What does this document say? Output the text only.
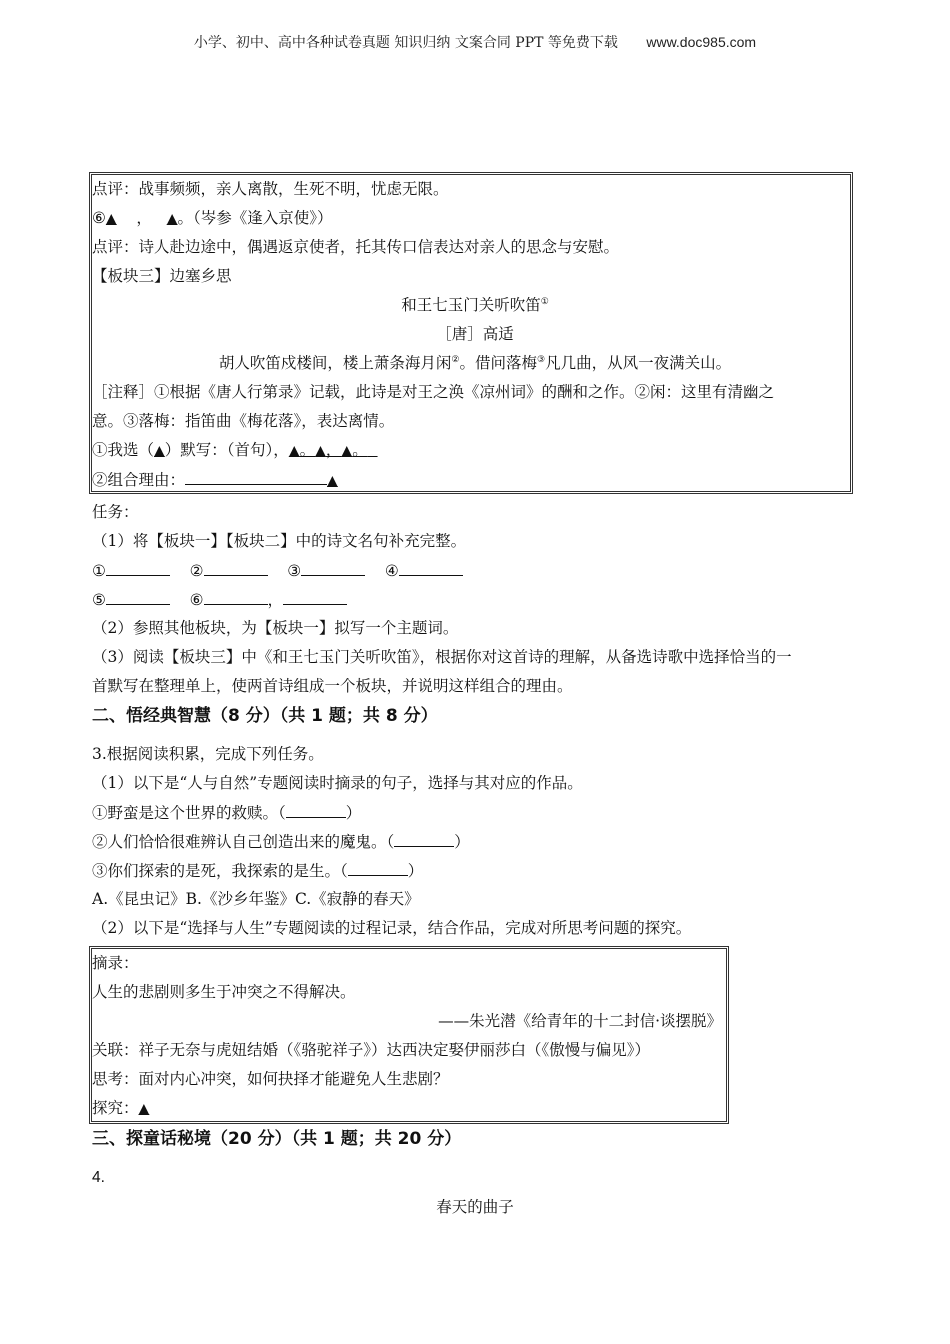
小学、初中、高中各种试卷真题 知识归纳 文案合同 PPT 等免费下载 www.doc985.com
点评：战事频频，亲人离散，生死不明，忧虑无限。
⑥▲ ， ▲。（岑参《逢入京使》）
点评：诗人赴边途中，偶遇返京使者，托其传口信表达对亲人的思念与安慰。
【板块三】边塞乡思
和王七玉门关听吹笛①
［唐］高适
胡人吹笛戍楼间，楼上萧条海月闲②。借问落梅③凡几曲，从风一夜满关山。
［注释］①根据《唐人行第录》记载，此诗是对王之涣《凉州词》的酬和之作。②闲：这里有清幽之
意。③落梅：指笛曲《梅花落》，表达离情。
①我选（▲）默写：（首句），▲。▲，▲。
②组合理由：	▲
任务：
（1）将【板块一】【板块二】中的诗文名句补充完整。
①	②	③	④
⑤	⑥	，
（2）参照其他板块，为【板块一】拟写一个主题词。
（3）阅读【板块三】中《和王七玉门关听吹笛》，根据你对这首诗的理解，从备选诗歌中选择恰当的一
首默写在整理单上，使两首诗组成一个板块，并说明这样组合的理由。
二、悟经典智慧（8 分）（共 1 题；共 8 分）
3.根据阅读积累，完成下列任务。
（1）以下是“人与自然”专题阅读时摘录的句子，选择与其对应的作品。
①野蛮是这个世界的救赎。（	）
②人们恰恰很难辨认自己创造出来的魔鬼。（	）
③你们探索的是死，我探索的是生。（	）
A.《昆虫记》B.《沙乡年鉴》C.《寂静的春天》
（2）以下是“选择与人生”专题阅读的过程记录，结合作品，完成对所思考问题的探究。
摘录：
人生的悲剧则多生于冲突之不得解决。
——朱光潜《给青年的十二封信·谈摆脱》
关联：祥子无奈与虎妞结婚（《骆驼祥子》）达西决定娶伊丽莎白（《傲慢与偏见》）
思考：面对内心冲突，如何抉择才能避免人生悲剧？
探究：▲
三、探童话秘境（20 分）（共 1 题；共 20 分）
4.
春天的曲子
